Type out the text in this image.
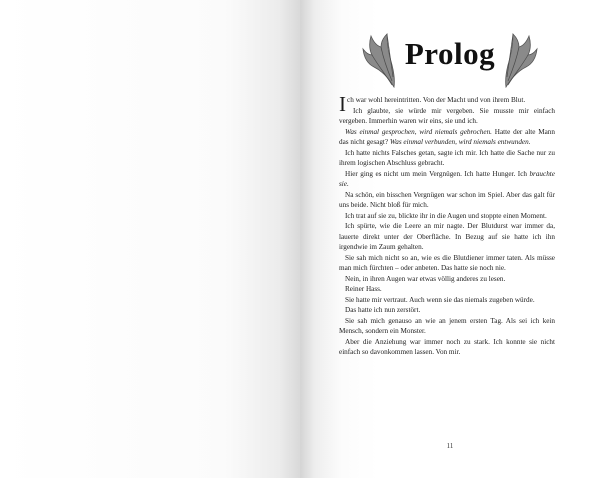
Prolog

Ich war wohl hereintritten. Von der Macht und von ihrem Blut.

Ich glaubte, sie würde mir vergeben. Sie musste mir einfach vergeben. Immerhin waren wir eins, sie und ich.

Was einmal gesprochen, wird niemals gebrochen. Hatte der alte Mann das nicht gesagt? Was einmal verbunden, wird niemals entwunden.

Ich hatte nichts Falsches getan, sagte ich mir. Ich hatte die Sache nur zu ihrem logischen Abschluss gebracht.

Hier ging es nicht um mein Vergnügen. Ich hatte Hunger. Ich brauchte sie.

Na schön, ein bisschen Vergnügen war schon im Spiel. Aber das galt für uns beide. Nicht bloß für mich.

Ich trat auf sie zu, blickte ihr in die Augen und stoppte einen Moment.

Ich spürte, wie die Leere an mir nagte. Der Blutdurst war immer da, lauerte direkt unter der Oberfläche. In Bezug auf sie hatte ich ihn irgendwie im Zaum gehalten.

Sie sah mich nicht so an, wie es die Blutdiener immer taten. Als müsse man mich fürchten – oder anbeten. Das hatte sie noch nie.

Nein, in ihren Augen war etwas völlig anderes zu lesen.

Reiner Hass.

Sie hatte mir vertraut. Auch wenn sie das niemals zugeben würde.

Das hatte ich nun zerstört.

Sie sah mich genauso an wie an jenem ersten Tag. Als sei ich kein Mensch, sondern ein Monster.

Aber die Anziehung war immer noch zu stark. Ich konnte sie nicht einfach so davonkommen lassen. Von mir.

11
